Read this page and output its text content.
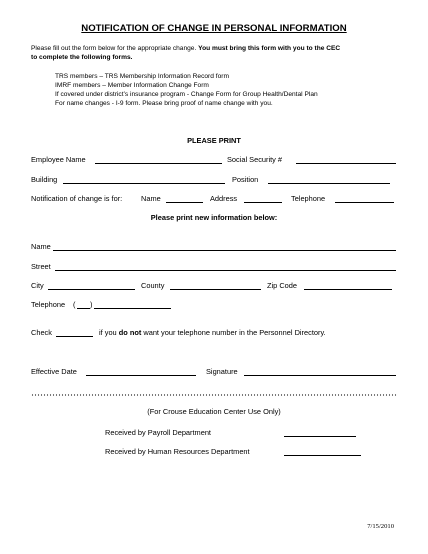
NOTIFICATION OF CHANGE IN PERSONAL INFORMATION
Please fill out the form below for the appropriate change. You must bring this form with you to the CEC
to complete the following forms.
TRS members – TRS Membership Information Record form
IMRF members – Member Information Change Form
If covered under district’s insurance program - Change Form for Group Health/Dental Plan
For name changes - I-9 form. Please bring proof of name change with you.
PLEASE PRINT
Employee Name	Social Security #
Building	Position
Notification of change is for:	Name	Address	Telephone
Please print new information below:
Name
Street
City	County	Zip Code
Telephone ( )
Check	if you do not want your telephone number in the Personnel Directory.
Effective Date	Signature
(For Crouse Education Center Use Only)
Received by Payroll Department
Received by Human Resources Department
7/15/2010
